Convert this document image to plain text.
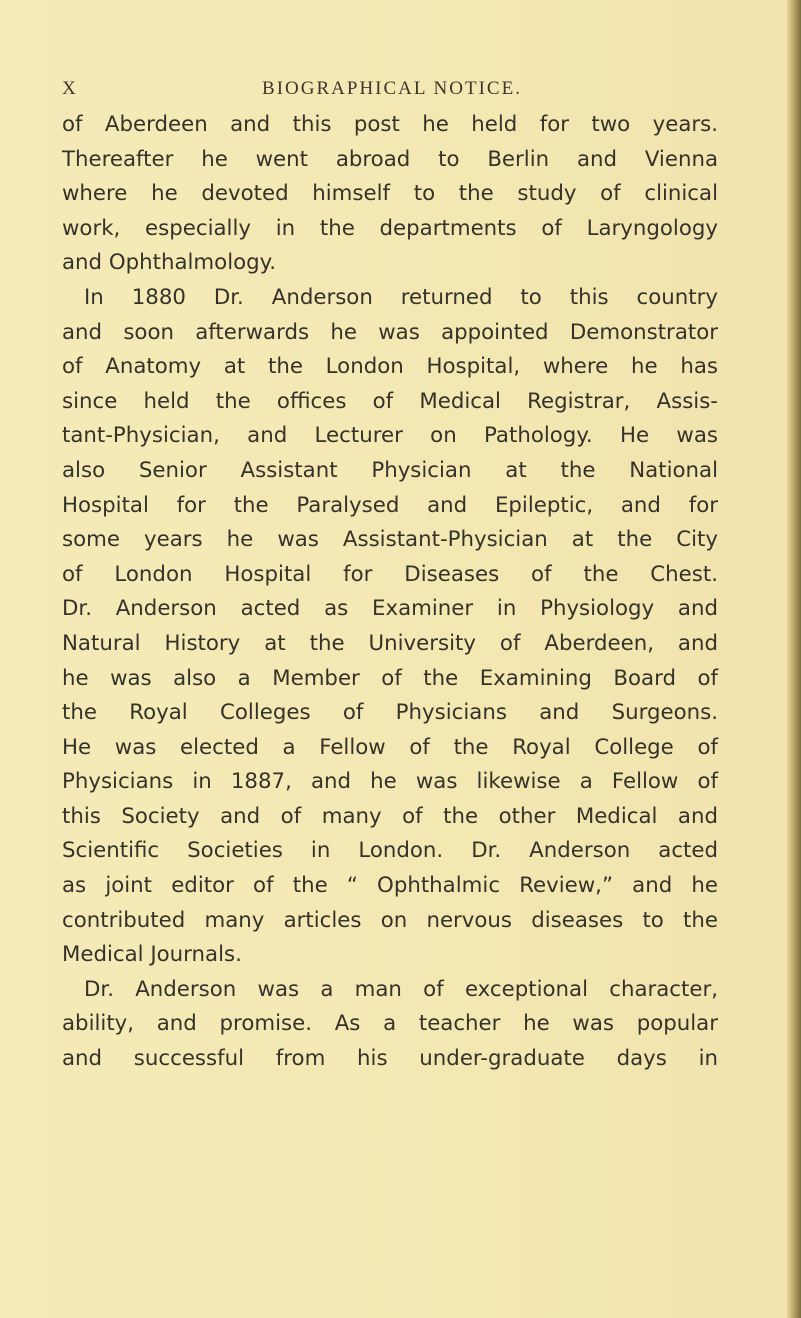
X	BIOGRAPHICAL NOTICE.
of Aberdeen and this post he held for two years.
Thereafter he went abroad to Berlin and Vienna
where he devoted himself to the study of clinical
work, especially in the departments of Laryngology
and Ophthalmology.
In 1880 Dr. Anderson returned to this country
and soon afterwards he was appointed Demonstrator
of Anatomy at the London Hospital, where he has
since held the offices of Medical Registrar, Assis-
tant-Physician, and Lecturer on Pathology. He was
also Senior Assistant Physician at the National
Hospital for the Paralysed and Epileptic, and for
some years he was Assistant-Physician at the City
of London Hospital for Diseases of the Chest.
Dr. Anderson acted as Examiner in Physiology and
Natural History at the University of Aberdeen, and
he was also a Member of the Examining Board of
the Royal Colleges of Physicians and Surgeons.
He was elected a Fellow of the Royal College of
Physicians in 1887, and he was likewise a Fellow of
this Society and of many of the other Medical and
Scientific Societies in London. Dr. Anderson acted
as joint editor of the “ Ophthalmic Review,” and he
contributed many articles on nervous diseases to the
Medical Journals.
Dr. Anderson was a man of exceptional character,
ability, and promise. As a teacher he was popular
and successful from his under-graduate days in
